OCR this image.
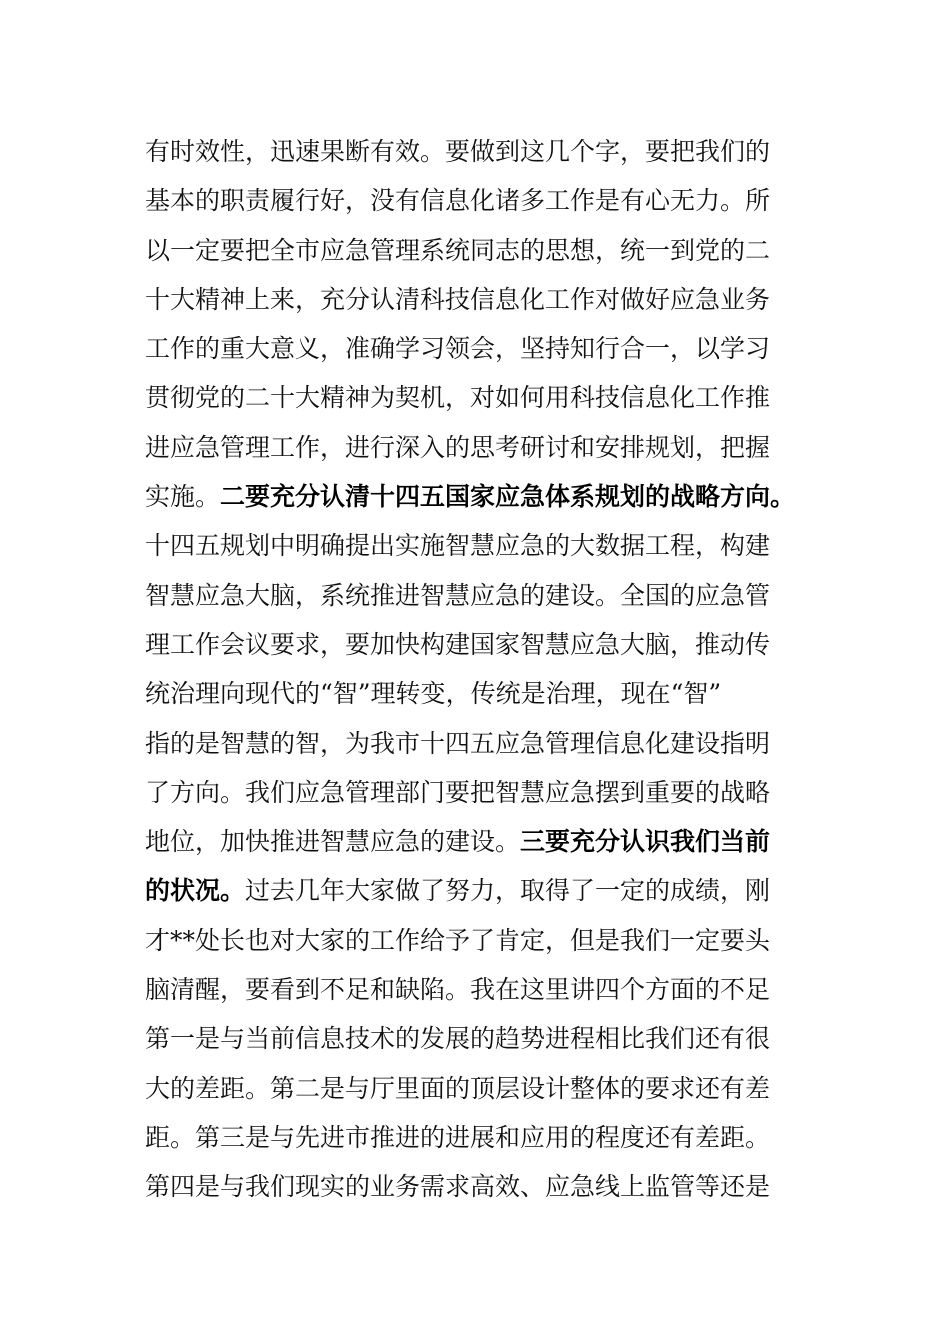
有时效性，迅速果断有效。要做到这几个字，要把我们的
基本的职责履行好，没有信息化诸多工作是有心无力。所
以一定要把全市应急管理系统同志的思想，统一到党的二
十大精神上来，充分认清科技信息化工作对做好应急业务
工作的重大意义，准确学习领会，坚持知行合一，以学习
贯彻党的二十大精神为契机，对如何用科技信息化工作推
进应急管理工作，进行深入的思考研讨和安排规划，把握
实施。二要充分认清十四五国家应急体系规划的战略方向。
十四五规划中明确提出实施智慧应急的大数据工程，构建
智慧应急大脑，系统推进智慧应急的建设。全国的应急管
理工作会议要求，要加快构建国家智慧应急大脑，推动传
统治理向现代的“智”理转变，传统是治理，现在“智”
指的是智慧的智，为我市十四五应急管理信息化建设指明
了方向。我们应急管理部门要把智慧应急摆到重要的战略
地位，加快推进智慧应急的建设。三要充分认识我们当前
的状况。过去几年大家做了努力，取得了一定的成绩，刚
才**处长也对大家的工作给予了肯定，但是我们一定要头
脑清醒，要看到不足和缺陷。我在这里讲四个方面的不足
第一是与当前信息技术的发展的趋势进程相比我们还有很
大的差距。第二是与厅里面的顶层设计整体的要求还有差
距。第三是与先进市推进的进展和应用的程度还有差距。
第四是与我们现实的业务需求高效、应急线上监管等还是
